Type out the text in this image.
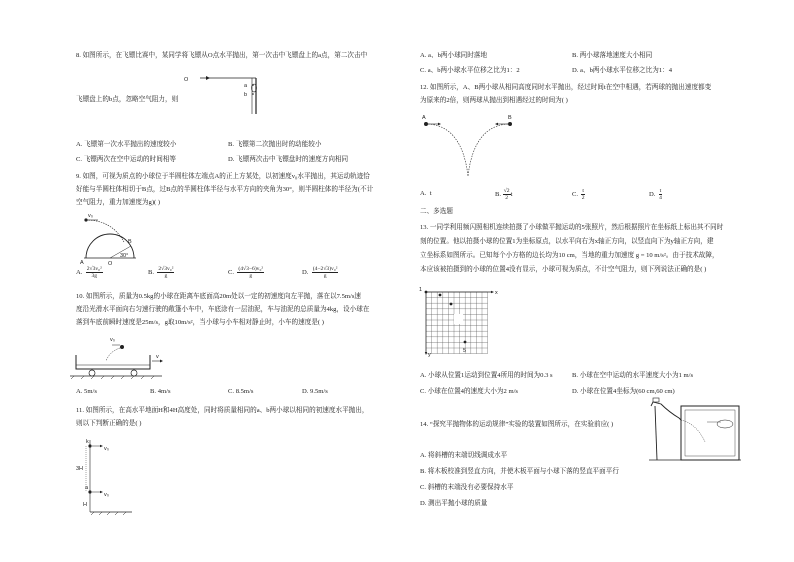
8. 如图所示，在飞镖比赛中，某同学将飞镖从O点水平抛出，第一次击中飞镖盘上的a点，第二次击中
O
a
b
飞镖盘上的b点，忽略空气阻力，则
A. 飞镖第一次水平抛出的速度较小	B. 飞镖第二次抛出时的动能较小
C. 飞镖两次在空中运动的时间相等	D. 飞镖两次击中飞镖盘时的速度方向相同
9. 如图，可视为质点的小球位于半圆柱体左端点A的正上方某处，以初速度v₀水平抛出，其运动轨迹恰
好能与半圆柱体相切于B点，过B点的半圆柱体半径与水平方向的夹角为30°，则半圆柱体的半径为(不计
空气阻力，重力加速度为g)( )
v₀
A
B
O
30°
A. $\frac{\text{2√3v₀²}}{3g}$	B. $\frac{\text{2√3v₀²}}{g}$	C. $\frac{\text{(4√3−6)v₀²}}{g}$	D. $\frac{\text{(4−2√3)v₀²}}{g}$
10. 如图所示，质量为0.5kg的小球在距离车底面高20m处以一定的初速度向左平抛，落在以7.5m/s速
度沿光滑水平面向右匀速行驶的敞篷小车中，车底涂有一层油泥，车与油泥的总质量为4kg，设小球在
落到车底前瞬时速度是25m/s，g取10m/s²，当小球与小车相对静止时，小车的速度是( )
v₀
v
A. 5m/s	B. 4m/s	C. 8.5m/s	D. 9.5m/s
11. 如图所示，在高水平地面H和4H高度处，同时将质量相同的a、b两小球以相同的初速度水平抛出，
则以下判断正确的是( )
k
v₀
a
3H
v₀
H
A. a、b两小球同时落地	B. 两小球落地速度大小相同
C. a、b两小球水平位移之比为1：2	D. a、b两小球水平位移之比为1：4
12. 如图所示，A、B两小球从相同高度同时水平抛出，经过时间t在空中相遇，若两球的抛出速度都变
为原来的2倍，则两球从抛出到相遇经过的时间为( )
A	B
A. t	B. $\frac{√2}{2}$ t	C. $\frac{t}{2}$	D. $\frac{t}{4}$
二、多选题
13. 一同学利用频闪照相机连续拍摄了小球做平抛运动的5张照片，然后根据照片在坐标纸上标出其不同时
刻的位置。他以拍摄小球的位置1为坐标原点，以水平向右为x轴正方向，以竖直向下为y轴正方向，建
立坐标系如图所示。已知每个小方格的边长均为10 cm，当地的重力加速度 g = 10 m/s²。由于技术故障，
本应该被拍摄到的小球的位置4没有显示，小球可视为质点，不计空气阻力，则下列说法正确的是( )
1	x
y
5
A. 小球从位置1运动到位置4所用的时间为0.3 s	B. 小球在空中运动的水平速度大小为1 m/s
C. 小球在位置4的速度大小为2 m/s	D. 小球在位置4坐标为(60 cm,60 cm)
14. “探究平抛物体的运动规律”实验的装置如图所示，在实验前应( )
A. 将斜槽的末端切线调成水平
B. 将木板校准到竖直方向，并使木板平面与小球下落的竖直平面平行
C. 斜槽的末端没有必要保持水平
D. 测出平抛小球的质量
